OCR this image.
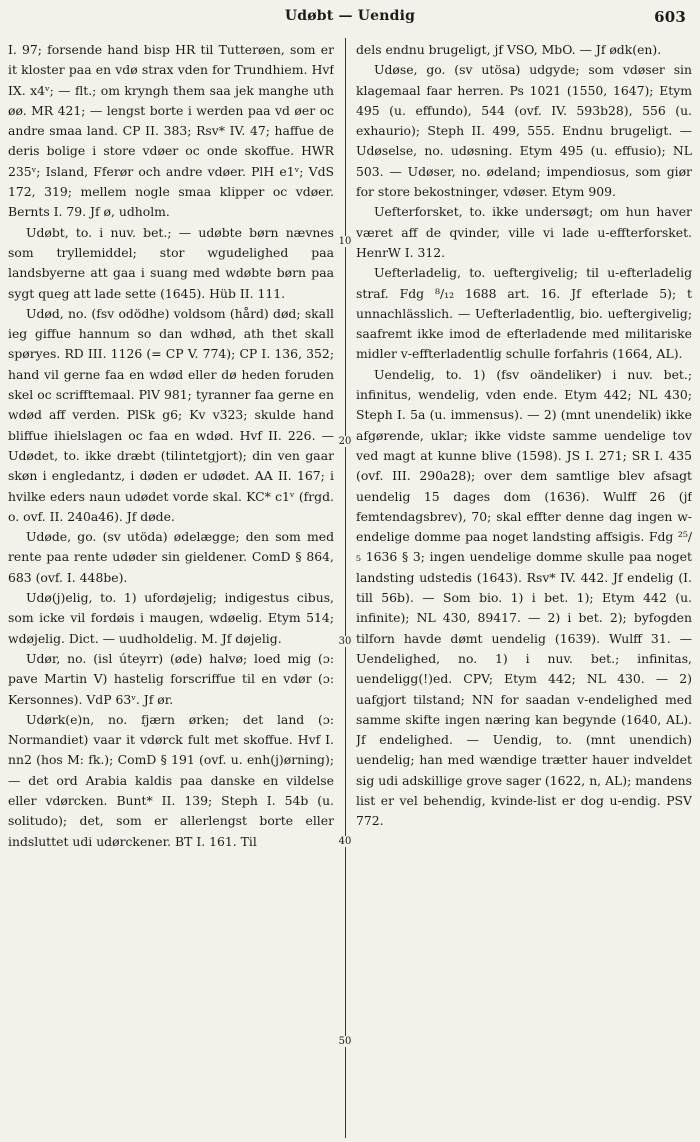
Udøbt — Uendig	603

I. 97; forsende hand bisp HR til Tutterøen, som er it kloster paa en vdø strax vden for Trundhiem. Hvf IX. x4ᵛ; — flt.; om kryngh them saa jek manghe uth øø. MR 421; — lengst borte i werden paa vd øer oc andre smaa land. CP II. 383; Rsv* IV. 47; haffue de deris bolige i store vdøer oc onde skoffue. HWR 235ᵛ; Island, Fferør och andre vdøer. PlH e1ᵛ; VdS 172, 319; mellem nogle smaa klipper oc vdøer. Bernts I. 79. Jf ø, udholm.

Udøbt, to. i nuv. bet.; — udøbte børn nævnes som tryllemiddel; stor wgudelighed paa landsbyerne att gaa i suang med wdøbte børn paa sygt queg att lade sette (1645). Hüb II. 111.

Udød, no. (fsv odödhe) voldsom (hård) død; skall ieg giffue hannum so dan wdhød, ath thet skall spøryes. RD III. 1126 (= CP V. 774); CP I. 136, 352; hand vil gerne faa en wdød eller dø heden foruden skel oc scrifftemaal. PlV 981; tyranner faa gerne en wdød aff verden. PlSk g6; Kv v323; skulde hand bliffue ihielslagen oc faa en wdød. Hvf II. 226. — Udødet, to. ikke dræbt (tilintetgjort); din ven gaar skøn i engledantz, i døden er udødet. AA II. 167; i hvilke eders naun udødet vorde skal. KC* c1ᵛ (frgd. o. ovf. II. 240a46). Jf døde.

Udøde, go. (sv utöda) ødelægge; den som med rente paa rente udøder sin gieldener. ComD § 864, 683 (ovf. I. 448be).

Udø(j)elig, to. 1) ufordøjelig; indigestus cibus, som icke vil fordøis i maugen, wdøelig. Etym 514; wdøjelig. Dict. — uudholdelig. M. Jf døjelig.

Udør, no. (isl úteyrr) (øde) halvø; loed mig (ɔ: pave Martin V) hastelig forscriffue til en vdør (ɔ: Kersonnes). VdP 63ᵛ. Jf ør.

Udørk(e)n, no. fjærn ørken; det land (ɔ: Normandiet) vaar it vdørck fult met skoffue. Hvf I. nn2 (hos M: fk.); ComD § 191 (ovf. u. enh(j)ørning); — det ord Arabia kaldis paa danske en vildelse eller vdørcken. Bunt* II. 139; Steph I. 54b (u. solitudo); det, som er allerlengst borte eller indsluttet udi udørckener. BT I. 161. Til

10
20
30
40
50

dels endnu brugeligt, jf VSO, MbO. — Jf ødk(en).

Udøse, go. (sv utösa) udgyde; som vdøser sin klagemaal faar herren. Ps 1021 (1550, 1647); Etym 495 (u. effundo), 544 (ovf. IV. 593b28), 556 (u. exhaurio); Steph II. 499, 555. Endnu brugeligt. — Udøselse, no. udøsning. Etym 495 (u. effusio); NL 503. — Udøser, no. ødeland; impendiosus, som giør for store bekostninger, vdøser. Etym 909.

Uefterforsket, to. ikke undersøgt; om hun haver været aff de qvinder, ville vi lade u-effterforsket. HenrW I. 312.

Uefterladelig, to. ueftergivelig; til u-efterladelig straf. Fdg ⁸/₁₂ 1688 art. 16. Jf efterlade 5); t unnachlässlich. — Uefterladentlig, bio. ueftergivelig; saafremt ikke imod de efterladende med militariske midler v-effterladentlig schulle forfahris (1664, AL).

Uendelig, to. 1) (fsv oändeliker) i nuv. bet.; infinitus, wendelig, vden ende. Etym 442; NL 430; Steph I. 5a (u. immensus). — 2) (mnt unendelik) ikke afgørende, uklar; ikke vidste samme uendelige tov ved magt at kunne blive (1598). JS I. 271; SR I. 435 (ovf. III. 290a28); over dem samtlige blev afsagt uendelig 15 dages dom (1636). Wulff 26 (jf femtendagsbrev), 70; skal effter denne dag ingen w-endelige domme paa noget landsting affsigis. Fdg ²⁵/₅ 1636 § 3; ingen uendelige domme skulle paa noget landsting udstedis (1643). Rsv* IV. 442. Jf endelig (I. till 56b). — Som bio. 1) i bet. 1); Etym 442 (u. infinite); NL 430, 89417. — 2) i bet. 2); byfogden tilforn havde dømt uendelig (1639). Wulff 31. — Uendelighed, no. 1) i nuv. bet.; infinitas, uendeligg(!)ed. CPV; Etym 442; NL 430. — 2) uafgjort tilstand; NN for saadan v-endelighed med samme skifte ingen næring kan begynde (1640, AL). Jf endelighed. — Uendig, to. (mnt unendich) uendelig; han med wændige trætter hauer indveldet sig udi adskillige grove sager (1622, n, AL); mandens list er vel behendig, kvinde-list er dog u-endig. PSV 772.
